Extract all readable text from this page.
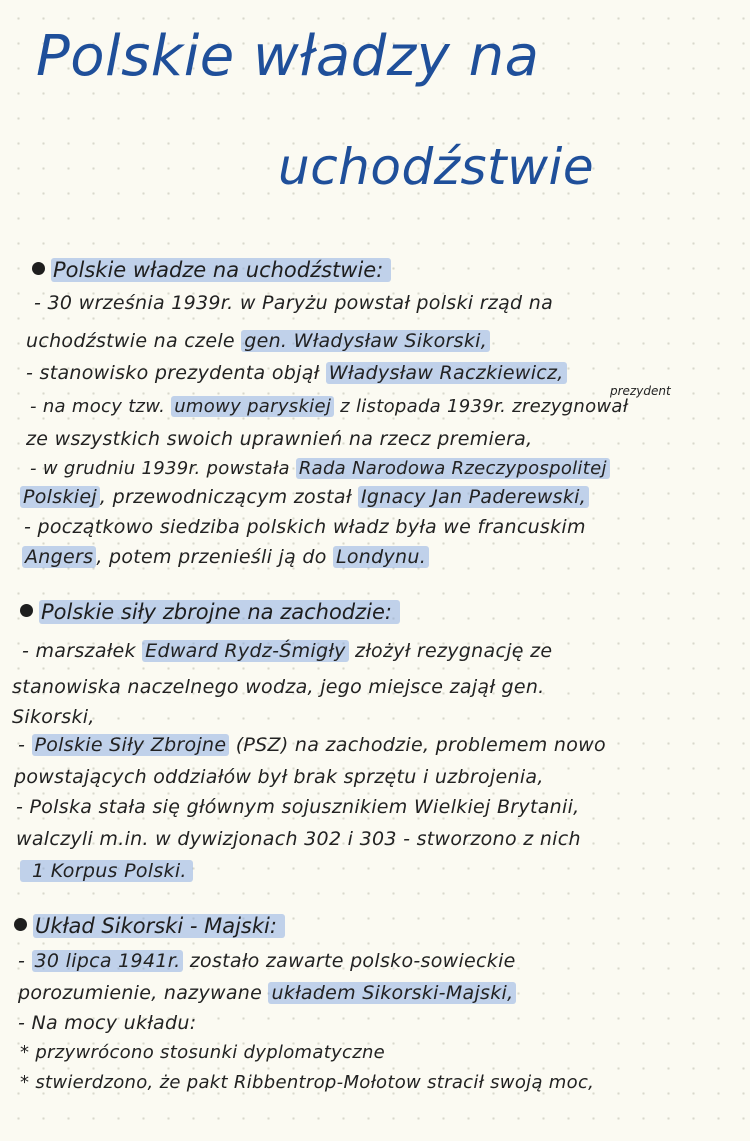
Polskie władzy na
uchodźstwie
Polskie władze na uchodźstwie:
- 30 września 1939r. w Paryżu powstał polski rząd na
uchodźstwie na czele gen. Władysław Sikorski,
- stanowisko prezydenta objął Władysław Raczkiewicz,
prezydent
- na mocy tzw. umowy paryskiej z listopada 1939r. zrezygnował
ze wszystkich swoich uprawnień na rzecz premiera,
- w grudniu 1939r. powstała Rada Narodowa Rzeczypospolitej
Polskiej , przewodniczącym został Ignacy Jan Paderewski,
- początkowo siedziba polskich władz była we francuskim
Angers , potem przenieśli ją do Londynu.
Polskie siły zbrojne na zachodzie:
- marszałek Edward Rydz-Śmigły złożył rezygnację ze
stanowiska naczelnego wodza, jego miejsce zajął gen.
Sikorski,
- Polskie Siły Zbrojne (PSZ) na zachodzie, problemem nowo
powstających oddziałów był brak sprzętu i uzbrojenia,
- Polska stała się głównym sojusznikiem Wielkiej Brytanii,
walczyli m.in. w dywizjonach 302 i 303 - stworzono z nich
1 Korpus Polski.
Układ Sikorski - Majski:
- 30 lipca 1941r. zostało zawarte polsko-sowieckie
porozumienie, nazywane układem Sikorski-Majski,
- Na mocy układu:
* przywrócono stosunki dyplomatyczne
* stwierdzono, że pakt Ribbentrop-Mołotow stracił swoją moc,
